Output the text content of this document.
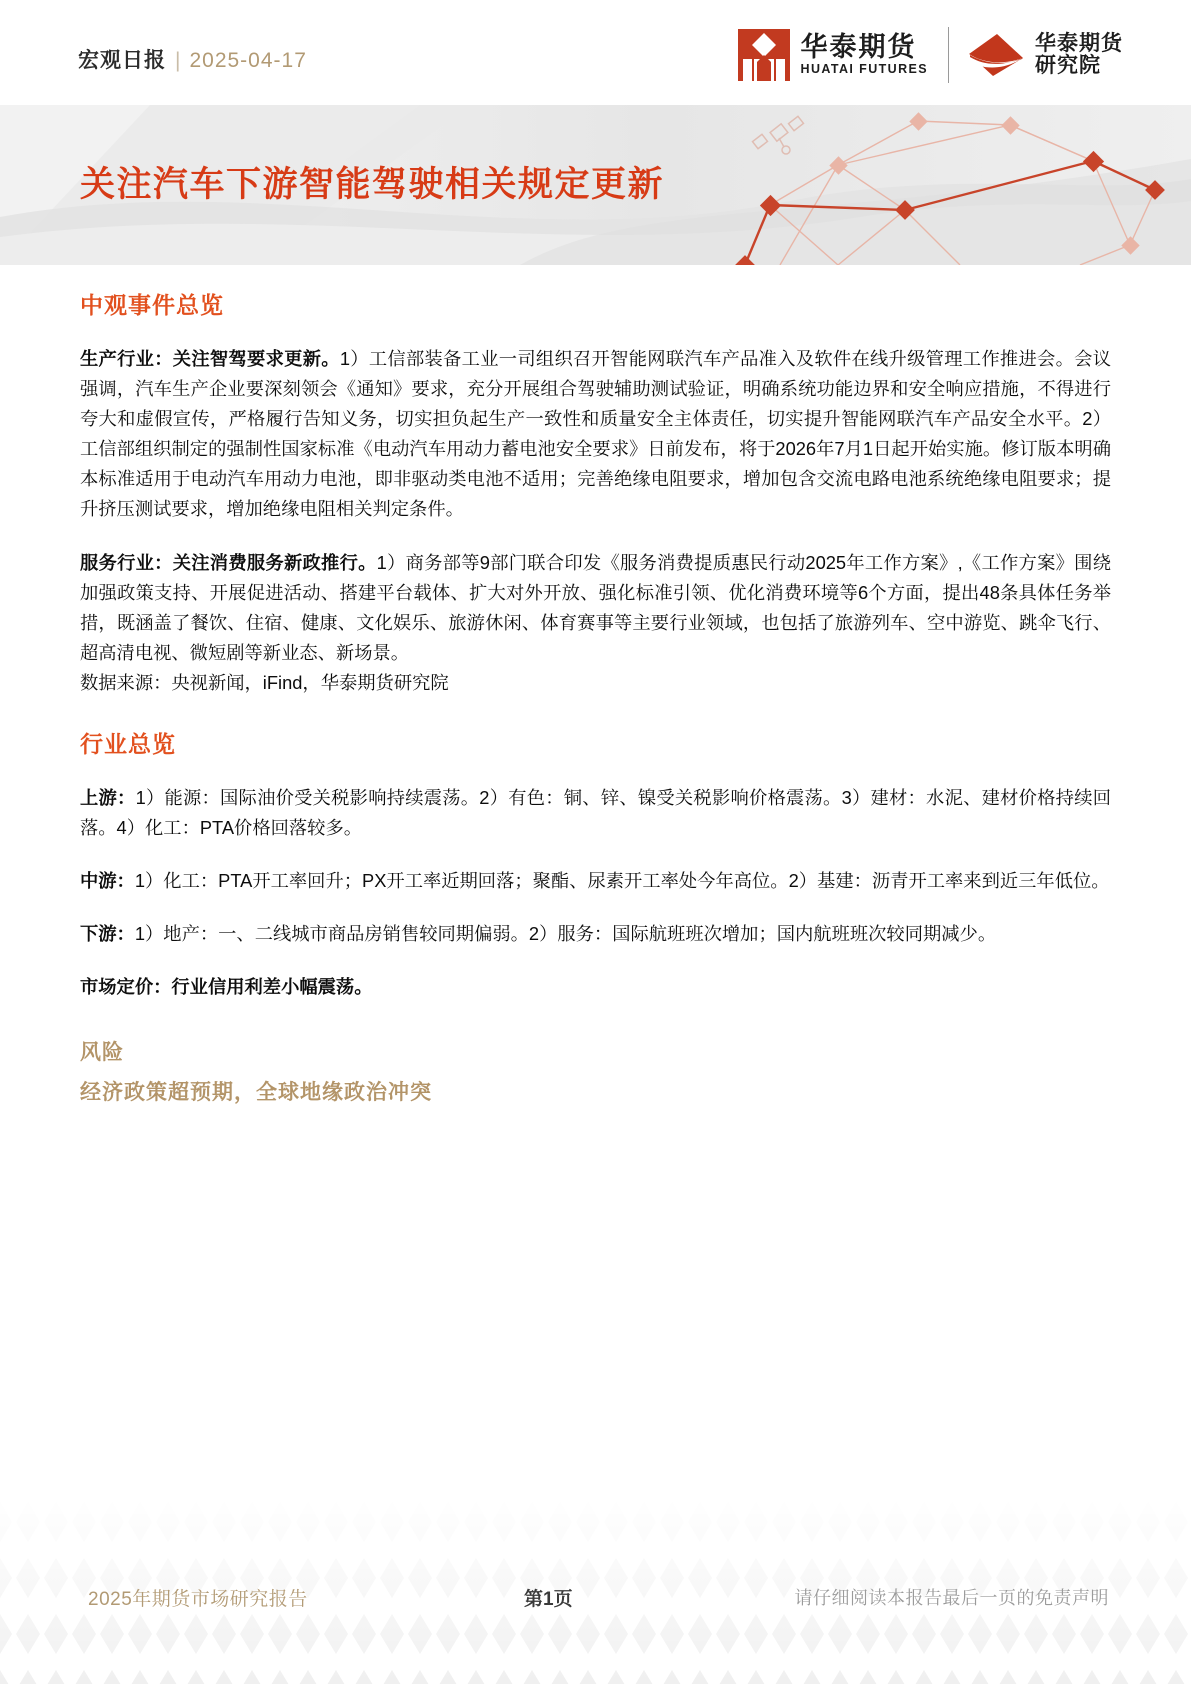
宏观日报 | 2025-04-17	华泰期货
HUATAI FUTURES
华泰期货
研究院
关注汽车下游智能驾驶相关规定更新
中观事件总览

生产行业：关注智驾要求更新。1）工信部装备工业一司组织召开智能网联汽车产品准入及软件在线升级管理工作推进会。会议强调，汽车生产企业要深刻领会《通知》要求，充分开展组合驾驶辅助测试验证，明确系统功能边界和安全响应措施，不得进行夸大和虚假宣传，严格履行告知义务，切实担负起生产一致性和质量安全主体责任，切实提升智能网联汽车产品安全水平。2）工信部组织制定的强制性国家标准《电动汽车用动力蓄电池安全要求》日前发布，将于2026年7月1日起开始实施。修订版本明确本标准适用于电动汽车用动力电池，即非驱动类电池不适用；完善绝缘电阻要求，增加包含交流电路电池系统绝缘电阻要求；提升挤压测试要求，增加绝缘电阻相关判定条件。

服务行业：关注消费服务新政推行。1）商务部等9部门联合印发《服务消费提质惠民行动2025年工作方案》,《工作方案》围绕加强政策支持、开展促进活动、搭建平台载体、扩大对外开放、强化标准引领、优化消费环境等6个方面，提出48条具体任务举措，既涵盖了餐饮、住宿、健康、文化娱乐、旅游休闲、体育赛事等主要行业领域，也包括了旅游列车、空中游览、跳伞飞行、超高清电视、微短剧等新业态、新场景。

数据来源：央视新闻，iFind，华泰期货研究院
行业总览

上游：1）能源：国际油价受关税影响持续震荡。2）有色：铜、锌、镍受关税影响价格震荡。3）建材：水泥、建材价格持续回落。4）化工：PTA价格回落较多。

中游：1）化工：PTA开工率回升；PX开工率近期回落；聚酯、尿素开工率处今年高位。2）基建：沥青开工率来到近三年低位。

下游：1）地产：一、二线城市商品房销售较同期偏弱。2）服务：国际航班班次增加；国内航班班次较同期减少。

市场定价：行业信用利差小幅震荡。

风险
经济政策超预期，全球地缘政治冲突
2025年期货市场研究报告	第1页	请仔细阅读本报告最后一页的免责声明
